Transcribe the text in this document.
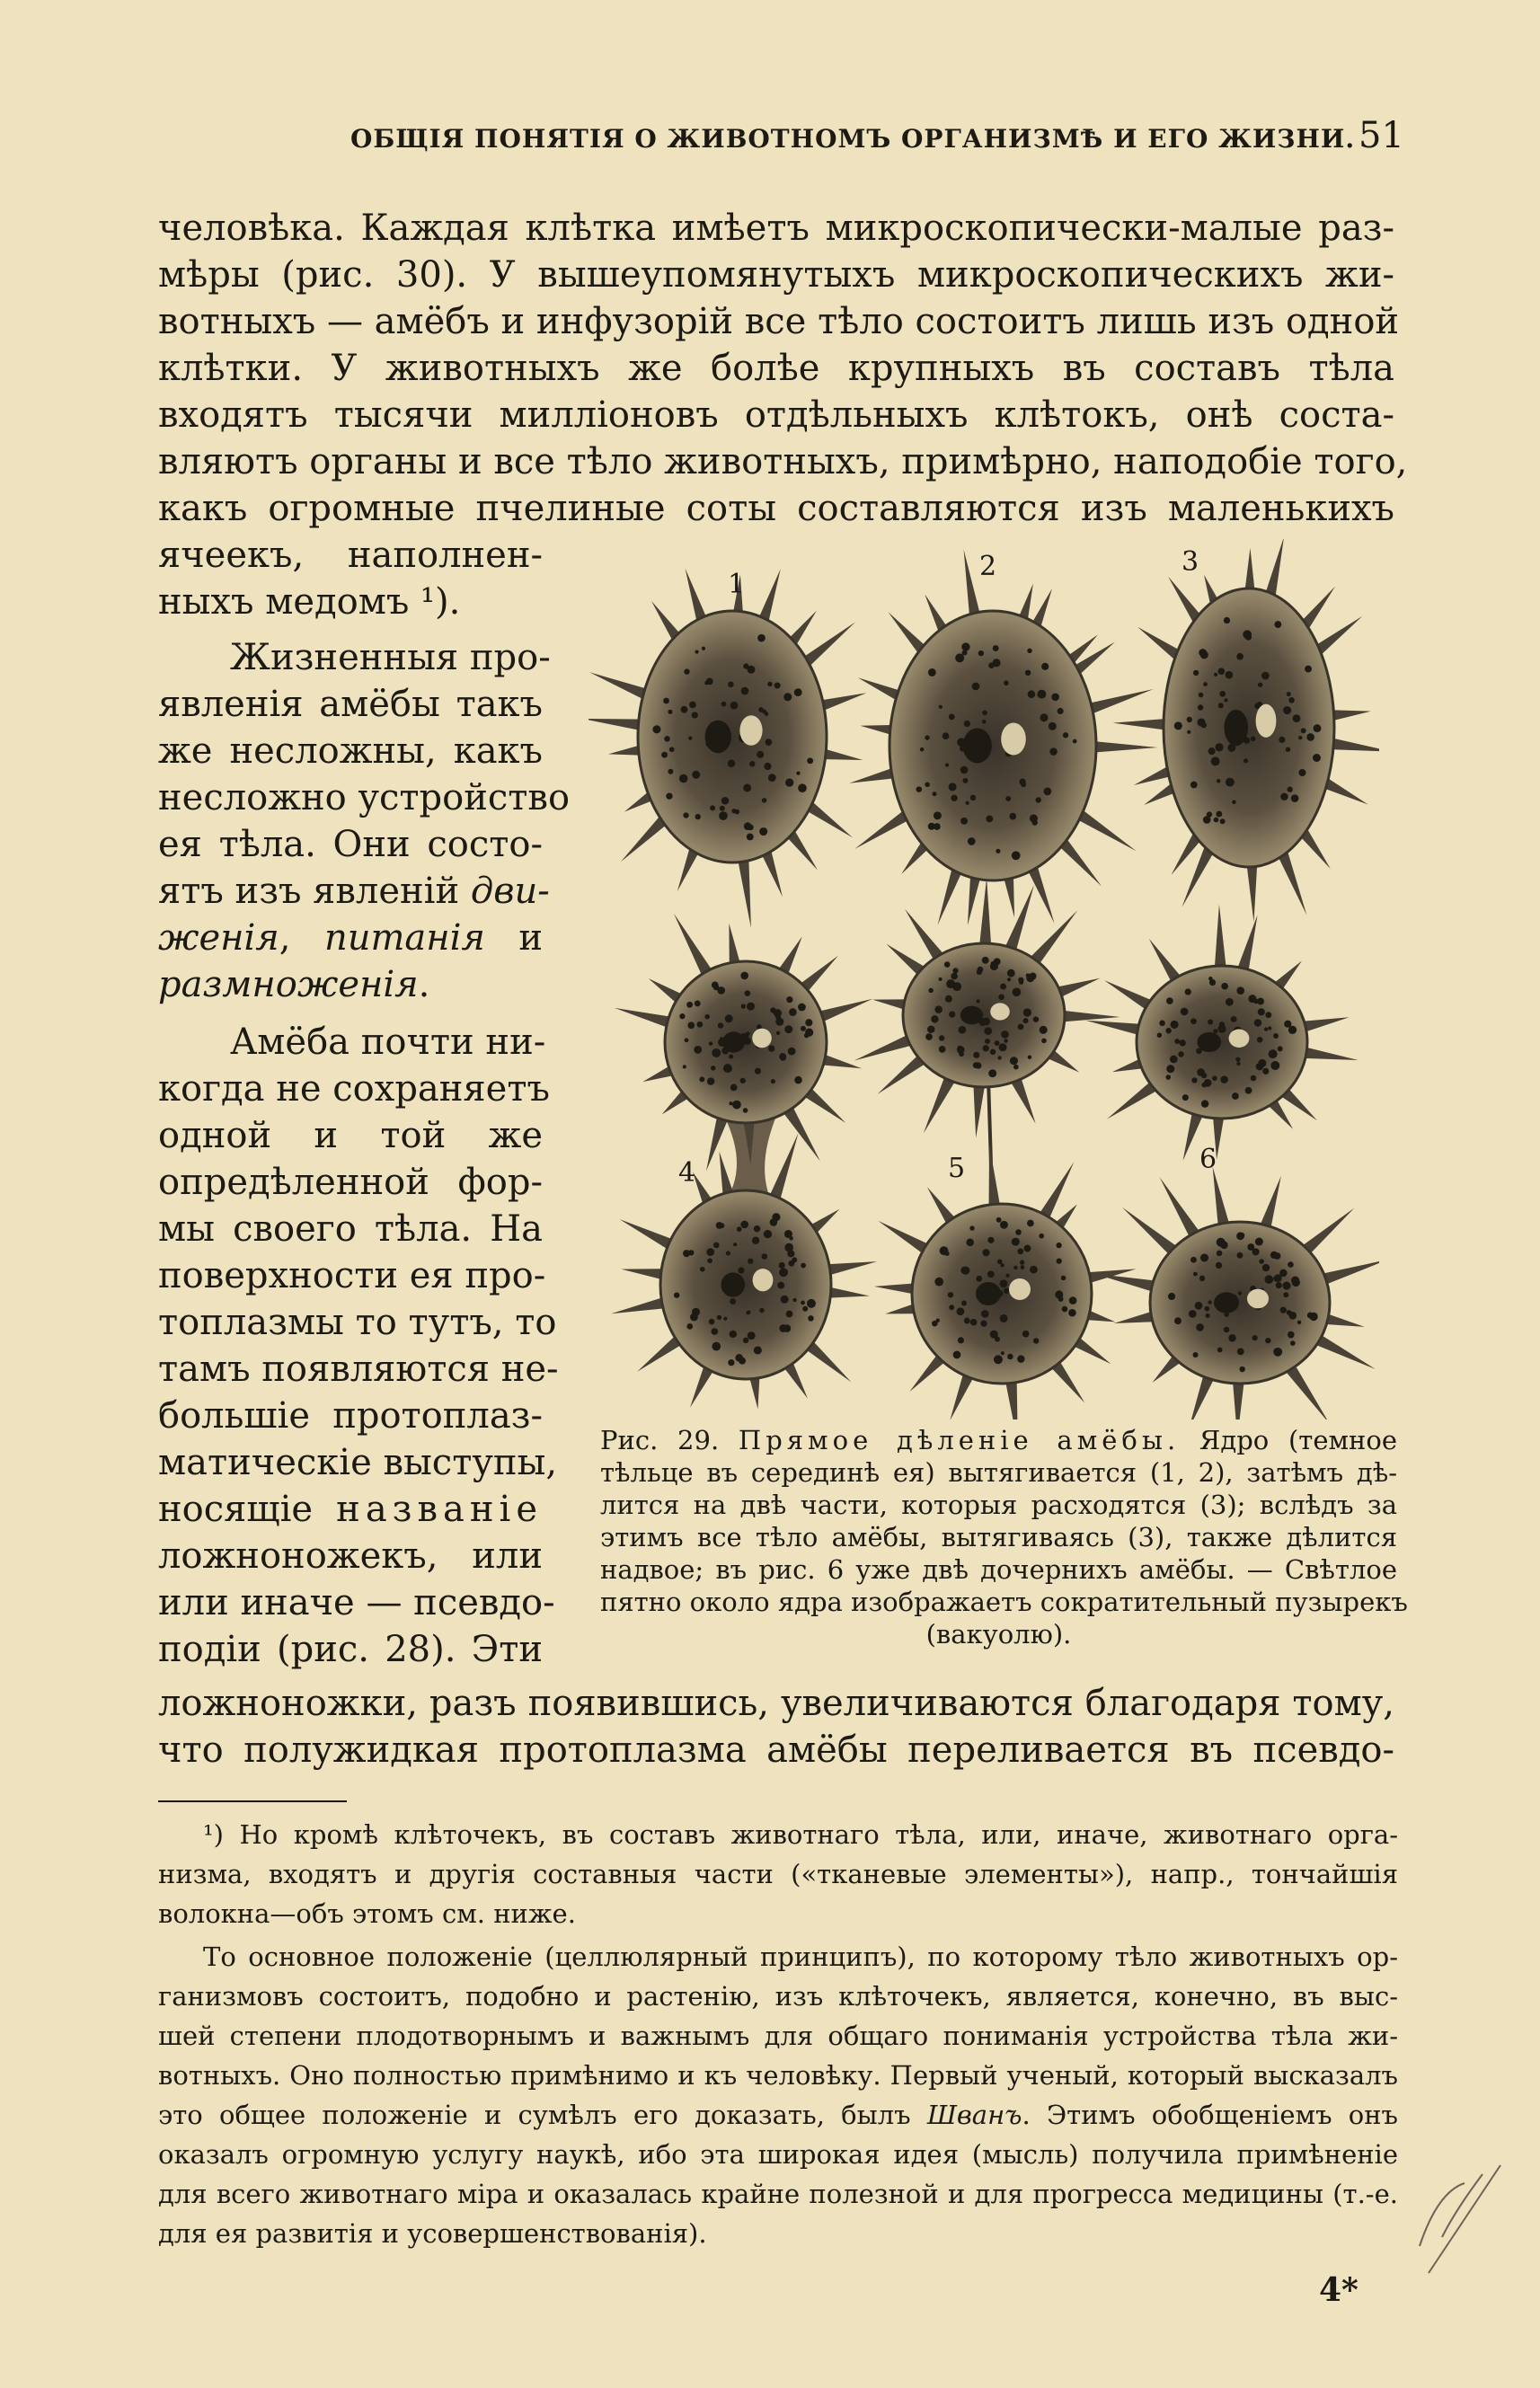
ОБЩІЯ ПОНЯТІЯ О ЖИВОТНОМЪ ОРГАНИЗМѢ И ЕГО ЖИЗНИ. 51

человѣка. Каждая клѣтка имѣетъ микроскопически-малые раз-
мѣры (рис. 30). У вышеупомянутыхъ микроскопическихъ жи-
вотныхъ — амёбъ и инфузорій все тѣло состоитъ лишь изъ одной
клѣтки. У животныхъ же болѣе крупныхъ въ составъ тѣла
входятъ тысячи милліоновъ отдѣльныхъ клѣтокъ, онѣ соста-
вляютъ органы и все тѣло животныхъ, примѣрно, наподобіе того,
какъ огромные пчелиные соты составляются изъ маленькихъ

ячеекъ, наполнен-
ныхъ медомъ ¹).

Жизненныя про-
явленія амёбы такъ
же несложны, какъ
несложно устройство
ея тѣла. Они состо-
ятъ изъ явленій дви-
женія, питанія и
размноженія.

Амёба почти ни-
когда не сохраняетъ
одной и той же
опредѣленной фор-
мы своего тѣла. На
поверхности ея про-
топлазмы то тутъ, то
тамъ появляются не-
большіе протоплаз-
матическіе выступы,
носящіе названіе
ложноножекъ, или
или иначе — псевдо-
подіи (рис. 28). Эти

1
2	3
4	5	6
Рис. 29. Прямое дѣленіе амёбы. Ядро (темное
тѣльце въ серединѣ ея) вытягивается (1, 2), затѣмъ дѣ-
лится на двѣ части, которыя расходятся (3); вслѣдъ за
этимъ все тѣло амёбы, вытягиваясь (3), также дѣлится
надвое; въ рис. 6 уже двѣ дочернихъ амёбы. — Свѣтлое
пятно около ядра изображаетъ сократительный пузырекъ
(вакуолю).

ложноножки, разъ появившись, увеличиваются благодаря тому,
что полужидкая протоплазма амёбы переливается въ псевдо-

¹) Но кромѣ клѣточекъ, въ составъ животнаго тѣла, или, иначе, животнаго орга-
низма, входятъ и другія составныя части («тканевые элементы»), напр., тончайшія
волокна—объ этомъ см. ниже.

То основное положеніе (целлюлярный принципъ), по которому тѣло животныхъ ор-
ганизмовъ состоитъ, подобно и растенію, изъ клѣточекъ, является, конечно, въ выс-
шей степени плодотворнымъ и важнымъ для общаго пониманія устройства тѣла жи-
вотныхъ. Оно полностью примѣнимо и къ человѣку. Первый ученый, который высказалъ
это общее положеніе и сумѣлъ его доказать, былъ Шванъ. Этимъ обобщеніемъ онъ
оказалъ огромную услугу наукѣ, ибо эта широкая идея (мысль) получила примѣненіе
для всего животнаго міра и оказалась крайне полезной и для прогресса медицины (т.-е.
для ея развитія и усовершенствованія).

4*
